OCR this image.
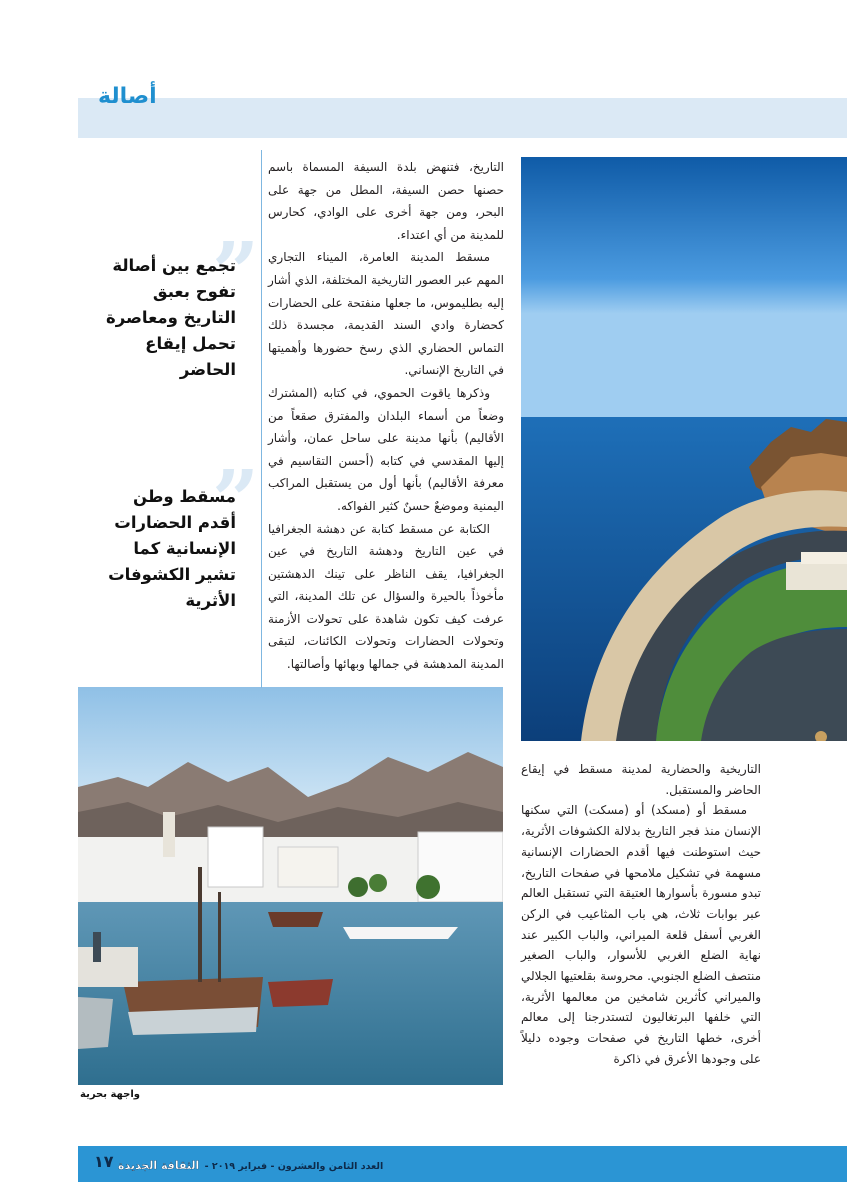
أصالة
واجهة بحرية
”
تجمع بين أصالة تفوح بعبق التاريخ ومعاصرة تحمل إيقاع الحاضر
”
مسقط وطن أقدم الحضارات الإنسانية كما تشير الكشوفات الأثرية

التاريخ، فتنهض بلدة السيفة المسماة باسم حصنها حصن السيفة، المطل من جهة على البحر، ومن جهة أخرى على الوادي، كحارس للمدينة من أي اعتداء.

مسقط المدينة العامرة، الميناء التجاري المهم عبر العصور التاريخية المختلفة، الذي أشار إليه بطليموس، ما جعلها منفتحة على الحضارات كحضارة وادي السند القديمة، مجسدة ذلك التماس الحضاري الذي رسخ حضورها وأهميتها في التاريخ الإنساني.

وذكرها ياقوت الحموي، في كتابه (المشترك وضعاً من أسماء البلدان والمفترق صقعاً من الأقاليم) بأنها مدينة على ساحل عمان، وأشار إليها المقدسي في كتابه (أحسن التقاسيم في معرفة الأقاليم) بأنها أول من يستقبل المراكب اليمنية وموضعٌ حسنٌ كثير الفواكه.

الكتابة عن مسقط كتابة عن دهشة الجغرافيا في عين التاريخ ودهشة التاريخ في عين الجغرافيا، يقف الناظر على تينك الدهشتين مأخوذاً بالحيرة والسؤال عن تلك المدينة، التي عرفت كيف تكون شاهدة على تحولات الأزمنة وتحولات الحضارات وتحولات الكائنات، لتبقى المدينة المدهشة في جمالها وبهائها وأصالتها.

التاريخية والحضارية لمدينة مسقط في إيقاع الحاضر والمستقبل.

مسقط أو (مسكد) أو (مسكت) التي سكنها الإنسان منذ فجر التاريخ بدلالة الكشوفات الأثرية، حيث استوطنت فيها أقدم الحضارات الإنسانية مسهمة في تشكيل ملامحها في صفحات التاريخ، تبدو مسورة بأسوارها العتيقة التي تستقبل العالم عبر بوابات ثلاث، هي باب المثاعيب في الركن الغربي أسفل قلعة الميراني، والباب الكبير عند نهاية الضلع الغربي للأسوار، والباب الصغير منتصف الضلع الجنوبي. محروسة بقلعتيها الجلالي والميراني كأثرين شامخين من معالمها الأثرية، التي خلفها البرتغاليون لتستدرجنا إلى معالم أخرى، خطها التاريخ في صفحات وجوده دليلاً على وجودها الأعرق في ذاكرة

١٧	العدد الثامن والعشرون - فبراير ٢٠١٩ - الثقافة الجديدة
